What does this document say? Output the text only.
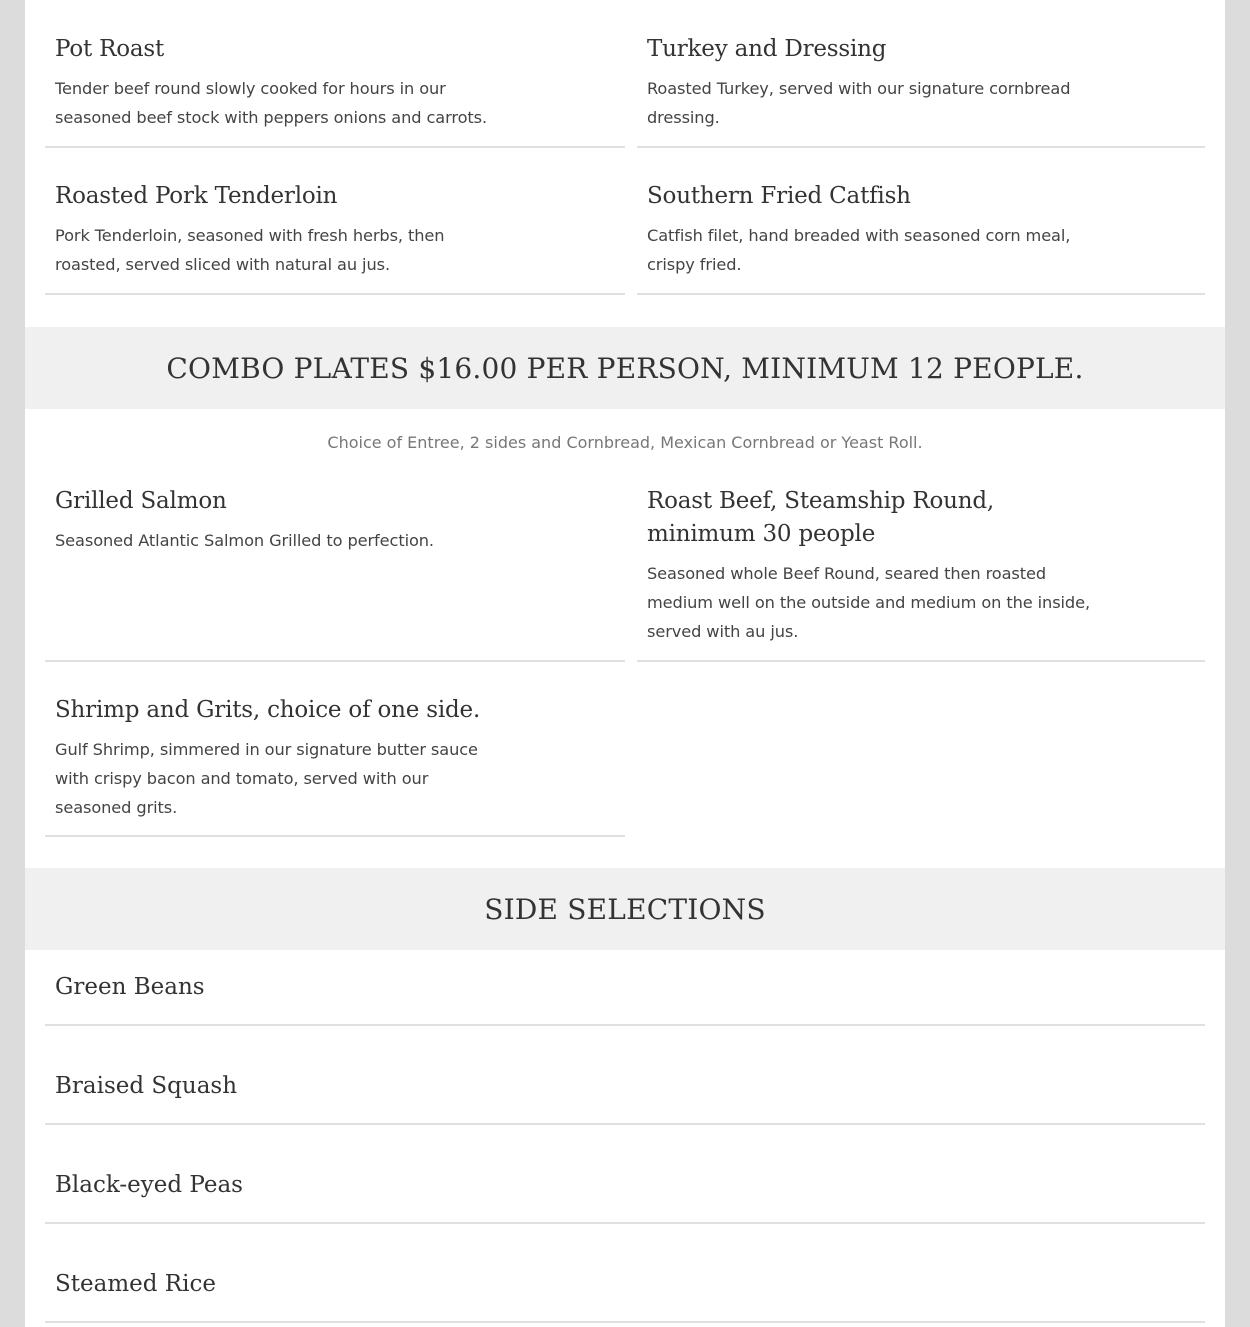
Pot Roast

Tender beef round slowly cooked for hours in our seasoned beef stock with peppers onions and carrots.

Turkey and Dressing

Roasted Turkey, served with our signature cornbread dressing.

Roasted Pork Tenderloin

Pork Tenderloin, seasoned with fresh herbs, then roasted, served sliced with natural au jus.

Southern Fried Catfish

Catfish filet, hand breaded with seasoned corn meal, crispy fried.

COMBO PLATES $16.00 PER PERSON, MINIMUM 12 PEOPLE.

Choice of Entree, 2 sides and Cornbread, Mexican Cornbread or Yeast Roll.

Grilled Salmon

Seasoned Atlantic Salmon Grilled to perfection.

Roast Beef, Steamship Round, minimum 30 people

Seasoned whole Beef Round, seared then roasted medium well on the outside and medium on the inside, served with au jus.

Shrimp and Grits, choice of one side.

Gulf Shrimp, simmered in our signature butter sauce with crispy bacon and tomato, served with our seasoned grits.

SIDE SELECTIONS
Green Beans
Braised Squash
Black-eyed Peas
Steamed Rice
